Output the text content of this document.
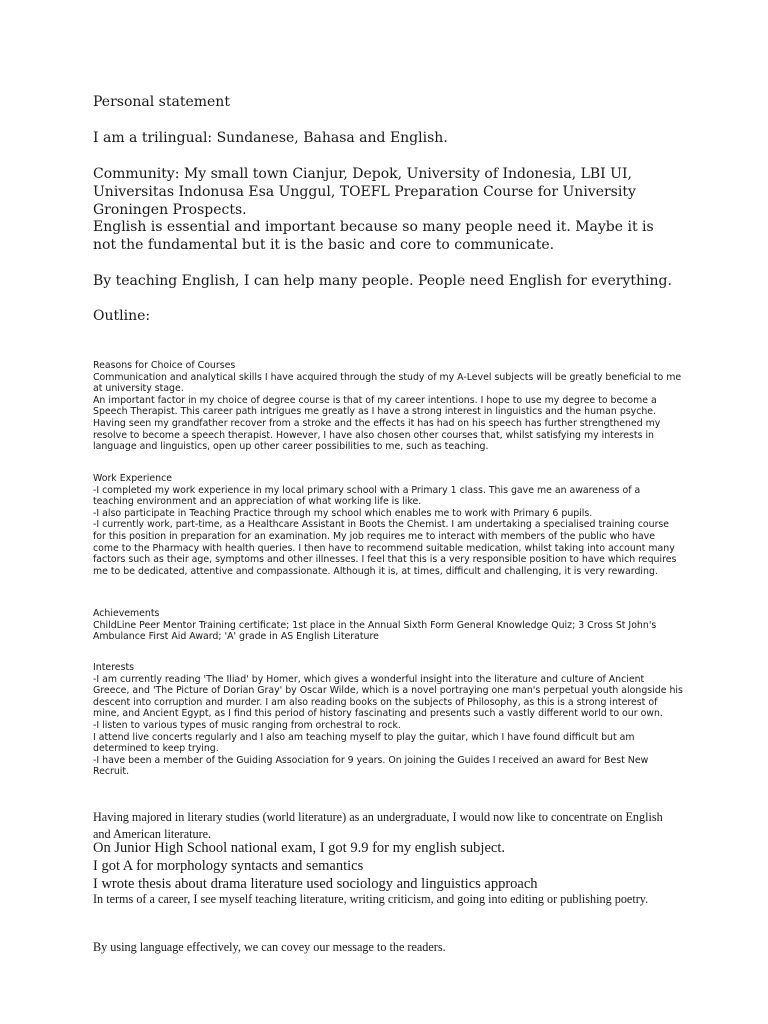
Personal statement

I am a trilingual: Sundanese, Bahasa and English.

Community: My small town Cianjur, Depok, University of Indonesia, LBI UI, Universitas Indonusa Esa Unggul, TOEFL Preparation Course for University Groningen Prospects.

English is essential and important because so many people need it. Maybe it is not the fundamental but it is the basic and core to communicate.

By teaching English, I can help many people. People need English for everything.

Outline:

Reasons for Choice of Courses

Communication and analytical skills I have acquired through the study of my A-Level subjects will be greatly beneficial to me at university stage.

An important factor in my choice of degree course is that of my career intentions. I hope to use my degree to become a Speech Therapist. This career path intrigues me greatly as I have a strong interest in linguistics and the human psyche. Having seen my grandfather recover from a stroke and the effects it has had on his speech has further strengthened my resolve to become a speech therapist. However, I have also chosen other courses that, whilst satisfying my interests in language and linguistics, open up other career possibilities to me, such as teaching.

Work Experience

-I completed my work experience in my local primary school with a Primary 1 class. This gave me an awareness of a teaching environment and an appreciation of what working life is like.

-I also participate in Teaching Practice through my school which enables me to work with Primary 6 pupils.

-I currently work, part-time, as a Healthcare Assistant in Boots the Chemist. I am undertaking a specialised training course for this position in preparation for an examination. My job requires me to interact with members of the public who have come to the Pharmacy with health queries. I then have to recommend suitable medication, whilst taking into account many factors such as their age, symptoms and other illnesses. I feel that this is a very responsible position to have which requires me to be dedicated, attentive and compassionate. Although it is, at times, difficult and challenging, it is very rewarding.

Achievements

ChildLine Peer Mentor Training certificate; 1st place in the Annual Sixth Form General Knowledge Quiz; 3 Cross St John's Ambulance First Aid Award; 'A' grade in AS English Literature

Interests

-I am currently reading 'The Iliad' by Homer, which gives a wonderful insight into the literature and culture of Ancient Greece, and 'The Picture of Dorian Gray' by Oscar Wilde, which is a novel portraying one man's perpetual youth alongside his descent into corruption and murder. I am also reading books on the subjects of Philosophy, as this is a strong interest of mine, and Ancient Egypt, as I find this period of history fascinating and presents such a vastly different world to our own.

-I listen to various types of music ranging from orchestral to rock.

I attend live concerts regularly and I also am teaching myself to play the guitar, which I have found difficult but am determined to keep trying.

-I have been a member of the Guiding Association for 9 years. On joining the Guides I received an award for Best New Recruit.

Having majored in literary studies (world literature) as an undergraduate, I would now like to concentrate on English and American literature.

On Junior High School national exam, I got 9.9 for my english subject.

I got A for morphology syntacts and semantics

I wrote thesis about drama literature used sociology and linguistics approach

In terms of a career, I see myself teaching literature, writing criticism, and going into editing or publishing poetry.

By using language effectively, we can covey our message to the readers.
